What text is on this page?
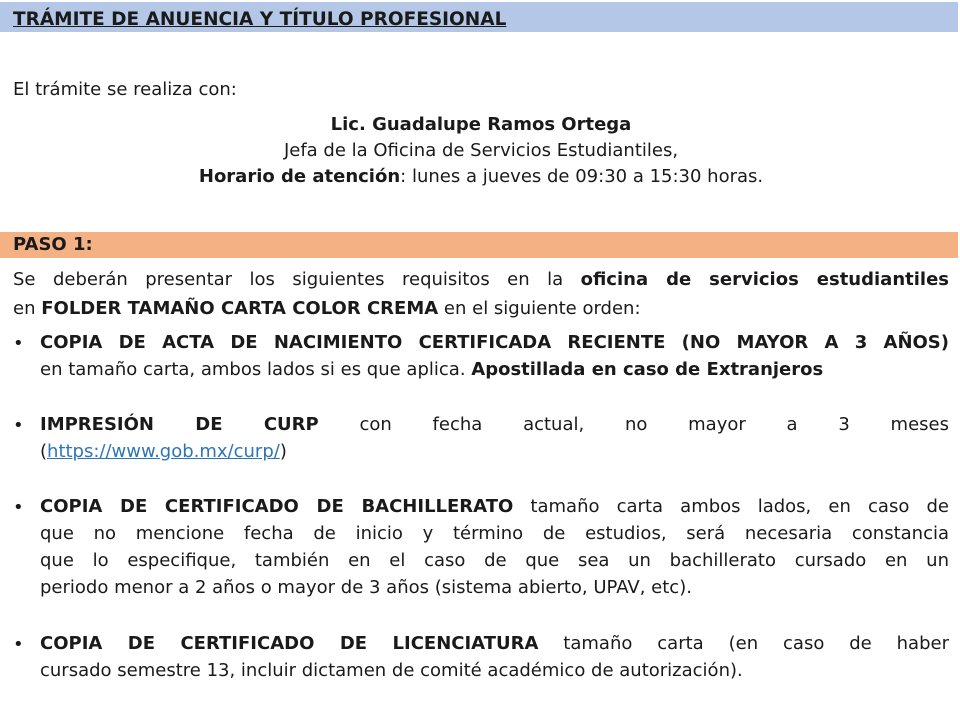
TRÁMITE DE ANUENCIA Y TÍTULO PROFESIONAL
El trámite se realiza con:
Lic. Guadalupe Ramos Ortega
Jefa de la Oficina de Servicios Estudiantiles,
Horario de atención: lunes a jueves de 09:30 a 15:30 horas.
PASO 1:
Se deberán presentar los siguientes requisitos en la oficina de servicios estudiantiles
en FOLDER TAMAÑO CARTA COLOR CREMA en el siguiente orden:
• COPIA DE ACTA DE NACIMIENTO CERTIFICADA RECIENTE (NO MAYOR A 3 AÑOS)
en tamaño carta, ambos lados si es que aplica. Apostillada en caso de Extranjeros
• IMPRESIÓN DE CURP con fecha actual, no mayor a 3 meses
(https://www.gob.mx/curp/)
• COPIA DE CERTIFICADO DE BACHILLERATO tamaño carta ambos lados, en caso de
que no mencione fecha de inicio y término de estudios, será necesaria constancia
que lo especifique, también en el caso de que sea un bachillerato cursado en un
periodo menor a 2 años o mayor de 3 años (sistema abierto, UPAV, etc).
• COPIA DE CERTIFICADO DE LICENCIATURA tamaño carta (en caso de haber
cursado semestre 13, incluir dictamen de comité académico de autorización).
